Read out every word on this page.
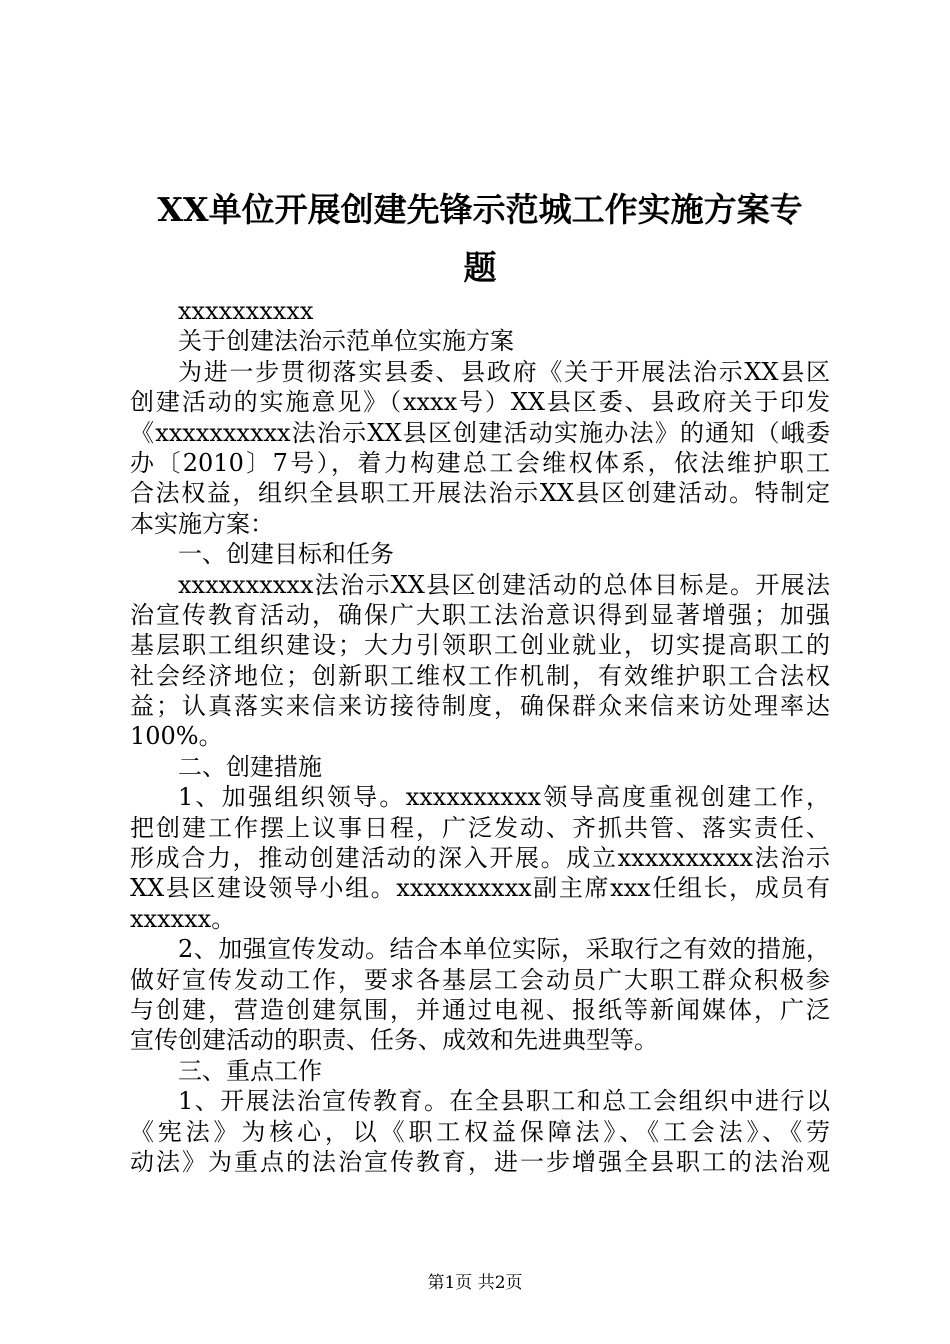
XX单位开展创建先锋示范城工作实施方案专
题
xxxxxxxxxx
关于创建法治示范单位实施方案
为进一步贯彻落实县委、县政府《关于开展法治示XX县区
创建活动的实施意见》（xxxx号）XX县区委、县政府关于印发
《xxxxxxxxxx法治示XX县区创建活动实施办法》的通知（峨委
办〔2010〕7号），着力构建总工会维权体系，依法维护职工
合法权益，组织全县职工开展法治示XX县区创建活动。特制定
本实施方案：
一、创建目标和任务
xxxxxxxxxx法治示XX县区创建活动的总体目标是。开展法
治宣传教育活动，确保广大职工法治意识得到显著增强；加强
基层职工组织建设；大力引领职工创业就业，切实提高职工的
社会经济地位；创新职工维权工作机制，有效维护职工合法权
益；认真落实来信来访接待制度，确保群众来信来访处理率达
100%。
二、创建措施
1、加强组织领导。xxxxxxxxxx领导高度重视创建工作，
把创建工作摆上议事日程，广泛发动、齐抓共管、落实责任、
形成合力，推动创建活动的深入开展。成立xxxxxxxxxx法治示
XX县区建设领导小组。xxxxxxxxxx副主席xxx任组长，成员有
xxxxxx。
2、加强宣传发动。结合本单位实际，采取行之有效的措施，
做好宣传发动工作，要求各基层工会动员广大职工群众积极参
与创建，营造创建氛围，并通过电视、报纸等新闻媒体，广泛
宣传创建活动的职责、任务、成效和先进典型等。
三、重点工作
1、开展法治宣传教育。在全县职工和总工会组织中进行以
《宪法》为核心，以《职工权益保障法》、《工会法》、《劳
动法》为重点的法治宣传教育，进一步增强全县职工的法治观
第1页 共2页
